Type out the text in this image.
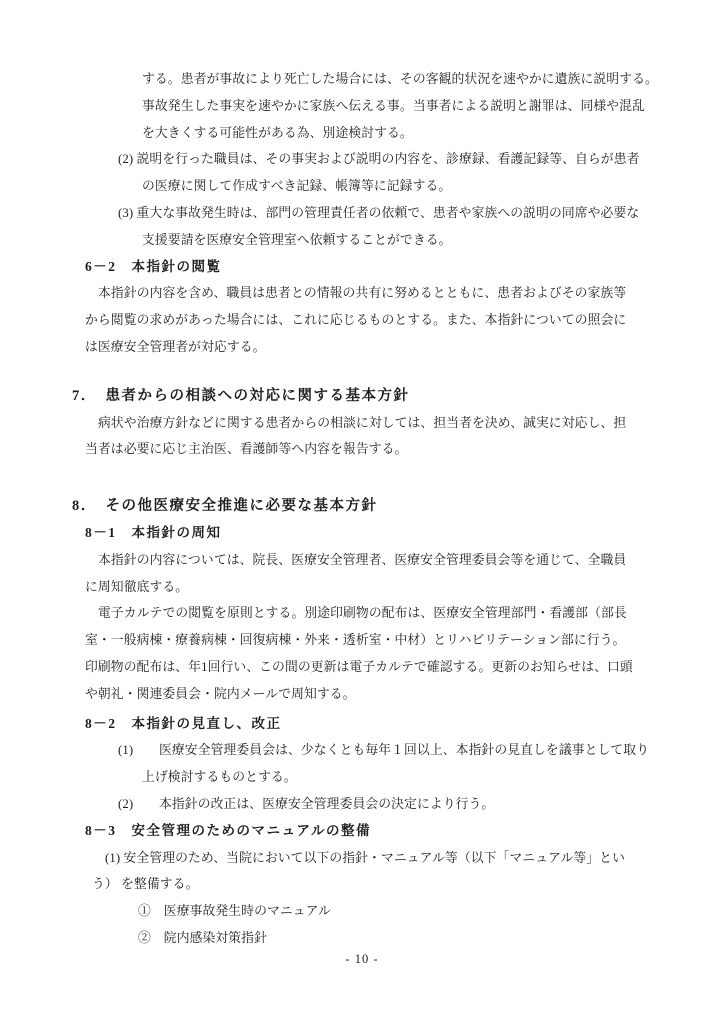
する。患者が事故により死亡した場合には、その客観的状況を速やかに遺族に説明する。
事故発生した事実を速やかに家族へ伝える事。当事者による説明と謝罪は、同様や混乱
を大きくする可能性がある為、別途検討する。
(2) 説明を行った職員は、その事実および説明の内容を、診療録、看護記録等、自らが患者
の医療に関して作成すべき記録、帳簿等に記録する。
(3) 重大な事故発生時は、部門の管理責任者の依頼で、患者や家族への説明の同席や必要な
支援要請を医療安全管理室へ依頼することができる。
6－2　本指針の閲覧
本指針の内容を含め、職員は患者との情報の共有に努めるとともに、患者およびその家族等
から閲覧の求めがあった場合には、これに応じるものとする。また、本指針についての照会に
は医療安全管理者が対応する。
7．　患者からの相談への対応に関する基本方針
病状や治療方針などに関する患者からの相談に対しては、担当者を決め、誠実に対応し、担
当者は必要に応じ主治医、看護師等へ内容を報告する。
8．　その他医療安全推進に必要な基本方針
8－1　本指針の周知
本指針の内容については、院長、医療安全管理者、医療安全管理委員会等を通じて、全職員
に周知徹底する。
電子カルテでの閲覧を原則とする。別途印刷物の配布は、医療安全管理部門・看護部（部長
室・一般病棟・療養病棟・回復病棟・外来・透析室・中材）とリハビリテーション部に行う。
印刷物の配布は、年1回行い、この間の更新は電子カルテで確認する。更新のお知らせは、口頭
や朝礼・関連委員会・院内メールで周知する。
8－2　本指針の見直し、改正
(1)　　医療安全管理委員会は、少なくとも毎年１回以上、本指針の見直しを議事として取り
上げ検討するものとする。
(2)　　本指針の改正は、医療安全管理委員会の決定により行う。
8－3　安全管理のためのマニュアルの整備
(1) 安全管理のため、当院において以下の指針・マニュアル等（以下「マニュアル等」とい
う） を整備する。
①　医療事故発生時のマニュアル
②　院内感染対策指針
- 10 -
